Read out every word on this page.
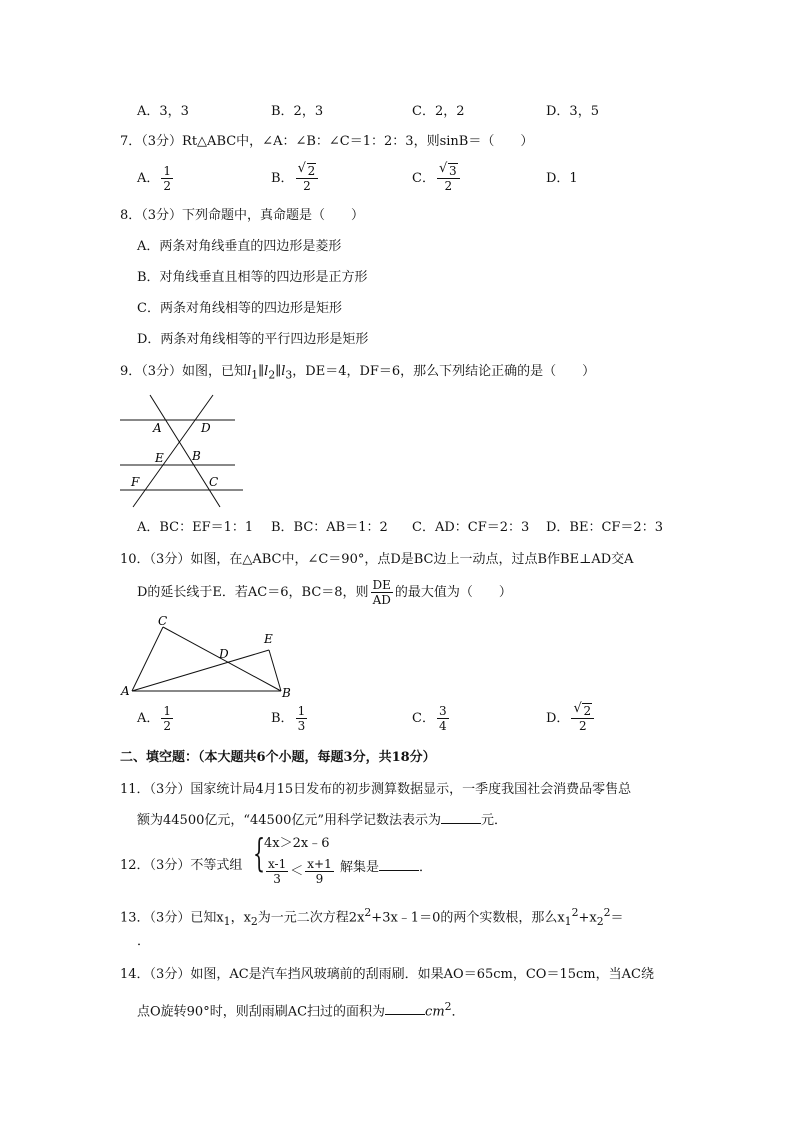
A．3，3	B．2，3	C．2，2	D．3，5
7．（3分）Rt△ABC中，∠A：∠B：∠C＝1：2：3，则sinB＝（　　）
A． $\frac{1}{2}$	B． $\frac{√ 2}{2}$	C． $\frac{√ 3}{2}$	D．1
8．（3分）下列命题中，真命题是（　　）
A．两条对角线垂直的四边形是菱形
B．对角线垂直且相等的四边形是正方形
C．两条对角线相等的四边形是矩形
D．两条对角线相等的平行四边形是矩形
9．（3分）如图，已知$l_1\parallel l_2\parallel l_3$，DE＝4，DF＝6，那么下列结论正确的是（　　）
A	D
E B
F	C
A．BC：EF＝1：1 B．BC：AB＝1：2 C．AD：CF＝2：3 D．BE：CF＝2：3
10．（3分）如图，在△ABC中，∠C＝90°，点D是BC边上一动点，过点B作BE⊥AD交A
D的延长线于E．若AC＝6，BC＝8，则 $\frac{DE}{AD}$ 的最大值为（　　）
C
E
D
A	B
A． $\frac{1}{2}$	B． $\frac{1}{3}$	C． $\frac{3}{4}$	D． $\frac{√ 2}{2}$
二、填空题：（本大题共6个小题，每题3分，共18分）
11．（3分）国家统计局4月15日发布的初步测算数据显示，一季度我国社会消费品零售总
额为44500亿元，“44500亿元”用科学记数法表示为	元．
12．（3分）不等式组 {
4x＞2x﹣6
$\frac{x-1}{3} < \frac{x+1}{9}$ 解集是	．
13．（3分）已知$x_1$，$x_2$为一元二次方程$2x^2+3x﹣1=0$的两个实数根，那么$x_1^2+x_2^2=$
．
14．（3分）如图，AC是汽车挡风玻璃前的刮雨刷．如果AO＝65cm，CO＝15cm，当AC绕
点O旋转90°时，则刮雨刷AC扫过的面积为	$cm^2$．
